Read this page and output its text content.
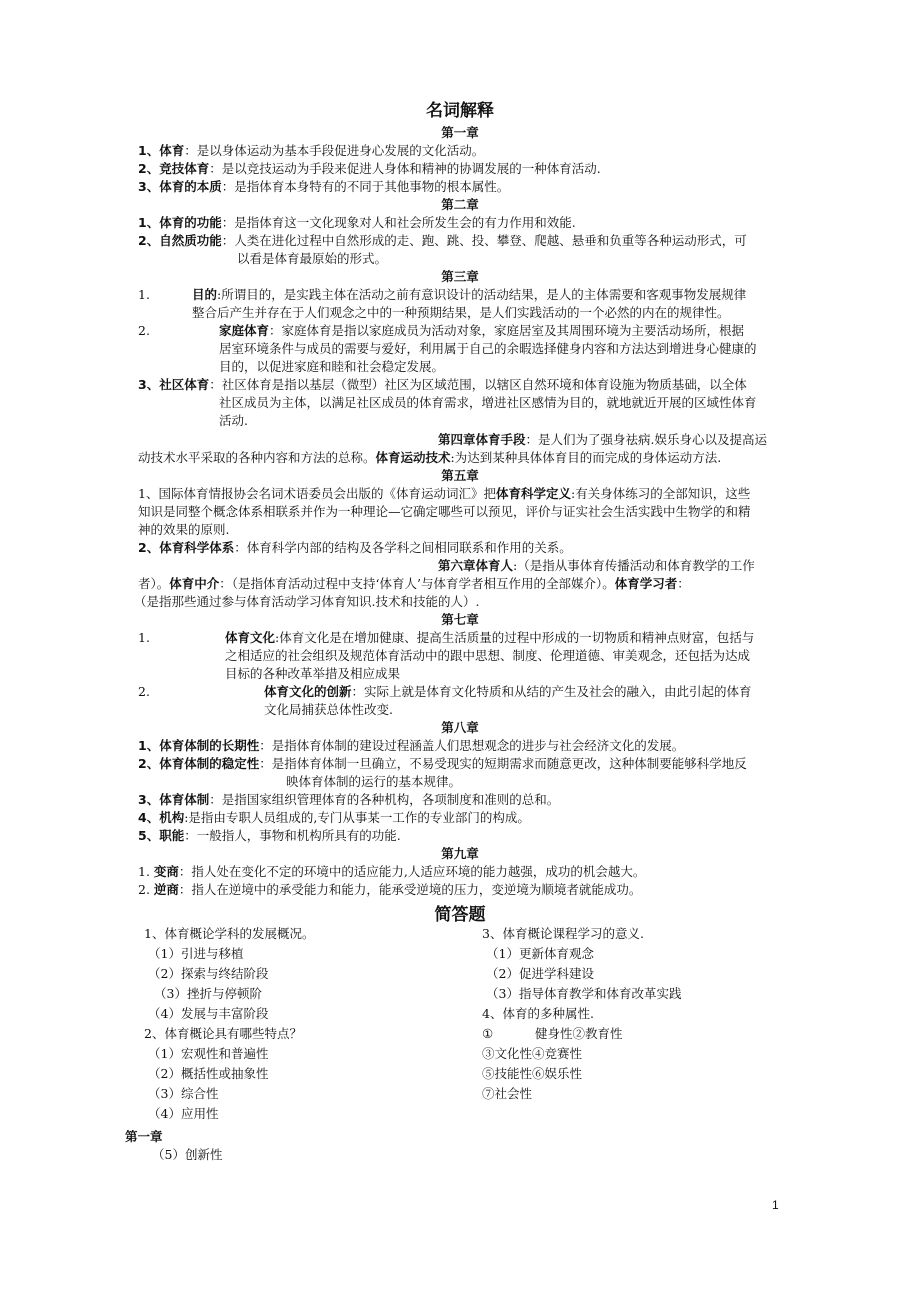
名词解释
第一章
1、体育：是以身体运动为基本手段促进身心发展的文化活动。
2、竞技体育：是以竞技运动为手段来促进人身体和精神的协调发展的一种体育活动.
3、体育的本质：是指体育本身特有的不同于其他事物的根本属性。
第二章
1、体育的功能：是指体育这一文化现象对人和社会所发生会的有力作用和效能.
2、自然质功能：人类在进化过程中自然形成的走、跑、跳、投、攀登、爬越、悬垂和负重等各种运动形式，可
以看是体育最原始的形式。
第三章
1.	目的:所谓目的，是实践主体在活动之前有意识设计的活动结果，是人的主体需要和客观事物发展规律
整合后产生并存在于人们观念之中的一种预期结果，是人们实践活动的一个必然的内在的规律性。
2.	家庭体育：家庭体育是指以家庭成员为活动对象，家庭居室及其周围环境为主要活动场所，根据
居室环境条件与成员的需要与爱好，利用属于自己的余暇选择健身内容和方法达到增进身心健康的
目的，以促进家庭和睦和社会稳定发展。
3、社区体育：社区体育是指以基层（微型）社区为区域范围，以辖区自然环境和体育设施为物质基础，以全体
社区成员为主体，以满足社区成员的体育需求，增进社区感情为目的，就地就近开展的区域性体育
活动.
第四章体育手段：是人们为了强身祛病.娱乐身心以及提高运
动技术水平采取的各种内容和方法的总称。体育运动技术:为达到某种具体体育目的而完成的身体运动方法.
第五章
1、国际体育情报协会名词术语委员会出版的《体育运动词汇》把体育科学定义:有关身体练习的全部知识，这些
知识是同整个概念体系相联系并作为一种理论—它确定哪些可以预见，评价与证实社会生活实践中生物学的和精
神的效果的原则.
2、体育科学体系：体育科学内部的结构及各学科之间相同联系和作用的关系。
第六章体育人:（是指从事体育传播活动和体育教学的工作
者）。体育中介：（是指体育活动过程中支持‘体育人’与体育学者相互作用的全部媒介）。体育学习者：
（是指那些通过参与体育活动学习体育知识.技术和技能的人）.
第七章
1.	体育文化:体育文化是在增加健康、提高生活质量的过程中形成的一切物质和精神点财富，包括与
之相适应的社会组织及规范体育活动中的跟中思想、制度、伦理道德、审美观念，还包括为达成
目标的各种改革举措及相应成果
2.	体育文化的创新：实际上就是体育文化特质和从结的产生及社会的融入，由此引起的体育
文化局捕获总体性改变.
第八章
1、体育体制的长期性：是指体育体制的建设过程涵盖人们思想观念的进步与社会经济文化的发展。
2、体育体制的稳定性：是指体育体制一旦确立，不易受现实的短期需求而随意更改，这种体制要能够科学地反
映体育体制的运行的基本规律。
3、体育体制：是指国家组织管理体育的各种机构，各项制度和准则的总和。
4、机构:是指由专职人员组成的,专门从事某一工作的专业部门的构成。
5、职能：一般指人，事物和机构所具有的功能.
第九章
1. 变商：指人处在变化不定的环境中的适应能力,人适应环境的能力越强，成功的机会越大。
2. 逆商：指人在逆境中的承受能力和能力，能承受逆境的压力，变逆境为顺境者就能成功。
简答题
1、体育概论学科的发展概况。
（1）引进与移植
（2）探索与终结阶段
（3）挫折与停顿阶
（4）发展与丰富阶段
2、体育概论具有哪些特点？
（1）宏观性和普遍性
（2）概括性或抽象性
（3）综合性
（4）应用性
第一章
（5）创新性
3、体育概论课程学习的意义.
（1）更新体育观念
（2）促进学科建设
（3）指导体育教学和体育改革实践
4、体育的多种属性.
①	健身性②教育性
③文化性④竞赛性
⑤技能性⑥娱乐性
⑦社会性
1
